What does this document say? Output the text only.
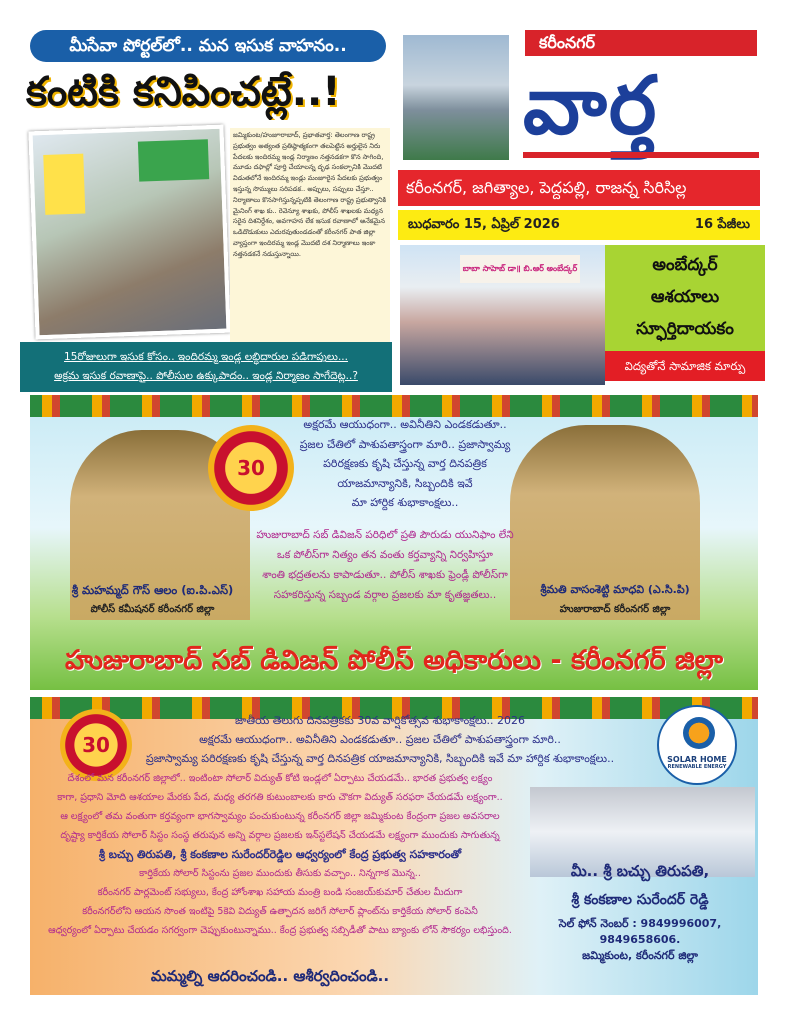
మీసేవా పోర్టల్‌లో.. మన ఇసుక వాహనం..
కంటికి కనిపించట్లే..!
జమ్మికుంట/హుజూరాబాద్, ప్రభాతవార్త: తెలంగాణ రాష్ట్ర ప్రభుత్వం అత్యంత ప్రతిష్ఠాత్మకంగా తలపెట్టిన అర్హులైన నిరు పేదలకు ఇందిరమ్మ ఇండ్ల నిర్మాణం నత్తనడకగా కొన సాగింది, మూడు దఫాల్లో పూర్తి చేయాలన్న దృఢ సంకల్పానికి మొదటి విడుతలోనే ఇందిరమ్మ ఇండ్లు మంజూరైన పేదలకు ప్రభుత్వం ఇస్తున్న సొమ్ములు సరిపడక.. అప్పులు, సప్పులు చేస్తూ.. నిర్మాణాలు కొనసాగిస్తున్నప్పటికి తెలంగాణ రాష్ట్ర ప్రభుత్వానికి మైనింగ్ శాఖ కు.. రెవెన్యూ శాఖకు, పోలీస్ శాఖలకు మధ్యన సరైన దిశనిర్దేశం, అవగాహన లేక ఇసుక రవాణాలో అనేకమైన ఒడిదొడుకులు ఎదురవుతుండడంతో కరీంనగర్ పాత జిల్లా వ్యాప్తంగా ఇందిరమ్మ ఇండ్ల మొదటి దశ నిర్మాణాలు ఇంకా నత్తనడకనే నడుస్తున్నాయి.
15రోజులుగా ఇసుక కోసం.. ఇందిరమ్మ ఇండ్ల లబ్ధిదారుల పడిగాపులు...
అక్రమ ఇసుక రవాణాపై.. పోలీసుల ఉక్కుపాదం.. ఇండ్ల నిర్మాణం సాగేదెట్ల..?
కరీంనగర్
వార్త
కరీంనగర్, జగిత్యాల, పెద్దపల్లి, రాజన్న సిరిసిల్ల
బుధవారం 15, ఏప్రిల్ 2026	16 పేజీలు
బాబా సాహెబ్ డా॥ బి.ఆర్ అంబేద్కర్	అంబేద్కర్
ఆశయాలు
స్ఫూర్తిదాయకం
విద్యతోనే సామాజిక మార్పు
30
అక్షరమే ఆయుధంగా.. అవినీతిని ఎండకడుతూ..
ప్రజల చేతిలో పాశుపతాస్త్రంగా మారి.. ప్రజాస్వామ్య
పరిరక్షణకు కృషి చేస్తున్న వార్త దినపత్రిక
యాజమాన్యానికి, సిబ్బందికి ఇవే
మా హార్దిక శుభాకాంక్షలు..
హుజురాబాద్ సబ్ డివిజన్ పరిధిలో ప్రతి పౌరుడు యునిఫాం లేని
ఒక పోలీస్‌గా నిత్యం తన వంతు కర్తవ్యాన్ని నిర్వహిస్తూ
శాంతి భద్రతలను కాపాడుతూ.. పోలీస్ శాఖకు ఫ్రెండ్లీ పోలీస్‌గా
సహకరిస్తున్న సబ్బండ వర్గాల ప్రజలకు మా కృతజ్ఞతలు..
శ్రీ మహమ్మద్ గౌస్ ఆలం (ఐ.పి.ఎస్)
పోలీస్ కమీషనర్ కరీంనగర్ జిల్లా
శ్రీమతి వాసంశెట్టి మాధవి (ఎ.సి.పి)
హుజురాబాద్ కరీంనగర్ జిల్లా
హుజురాబాద్ సబ్ డివిజన్ పోలీస్ అధికారులు - కరీంనగర్ జిల్లా
30
SOLAR HOME
RENEWABLE ENERGY
జాతీయ తెలుగు దినపత్రికకు 30వ వార్షికోత్సవ శుభాకాంక్షలు.. 2026
అక్షరమే ఆయుధంగా.. అవినీతిని ఎండకడుతూ.. ప్రజల చేతిలో పాశుపతాస్త్రంగా మారి..
ప్రజాస్వామ్య పరిరక్షణకు కృషి చేస్తున్న వార్త దినపత్రిక యాజమాన్యానికి, సిబ్బందికి ఇవే మా హార్దిక శుభాకాంక్షలు..
దేశంలో మన కరీంనగర్ జిల్లాలో.. ఇంటింటా సోలార్ విద్యుత్ కోటి ఇండ్లలో ఏర్పాటు చేయడమే.. భారత ప్రభుత్వ లక్ష్యం
కాగా, ప్రధాని మోది ఆశయాల మేరకు పేద, మధ్య తరగతి కుటుంబాలకు కారు చౌకగా విద్యుత్ సరఫరా చేయడమే లక్ష్యంగా..
ఆ లక్ష్యంలో తమ వంతుగా కర్తవ్యంగా భాగస్వామ్యం పంచుకుంటున్న కరీంనగర్ జిల్లా జమ్మికుంట కేంద్రంగా ప్రజల అవసరాల
దృష్ట్యా కార్తికేయ సోలార్ సిస్టం సంస్థ తరుపున అన్ని వర్గాల ప్రజలకు ఇన్‌స్టలేషన్ చేయడమే లక్ష్యంగా ముందుకు సాగుతున్న
శ్రీ బచ్చు తిరుపతి, శ్రీ కంకణాల సురేందర్‌రెడ్డిల ఆధ్వర్యంలో కేంద్ర ప్రభుత్వ సహకారంతో
కార్తికేయ సోలార్ సిస్టంను ప్రజల ముందుకు తీసుకు వచ్చాం.. నిన్నగాక మొన్న..
కరీంనగర్ పార్లమెంట్ సభ్యులు, కేంద్ర హోంశాఖ సహాయ మంత్రి బండి సంజయ్‌కుమార్ చేతుల మీదుగా
కరీంనగర్‌లోని ఆయన సొంత ఇంటిపై 5కెవి విద్యుత్ ఉత్పాదన జరిగే సోలార్ ప్లాంట్‌ను కార్తికేయ సోలార్ కంపెనీ
ఆధ్వర్యంలో ఏర్పాటు చేయడం సగర్వంగా చెప్పుకుంటున్నాము.. కేంద్ర ప్రభుత్వ సబ్సిడీతో పాటు బ్యాంకు లోన్ సౌకర్యం లభిస్తుంది.
మమ్మల్ని ఆదరించండి.. ఆశీర్వదించండి..
మీ.. శ్రీ బచ్చు తిరుపతి,
శ్రీ కంకణాల సురేందర్ రెడ్డి
సెల్ ఫోన్ నెంబర్ : 9849996007,
9849658606.
జమ్మికుంట, కరీంనగర్ జిల్లా
